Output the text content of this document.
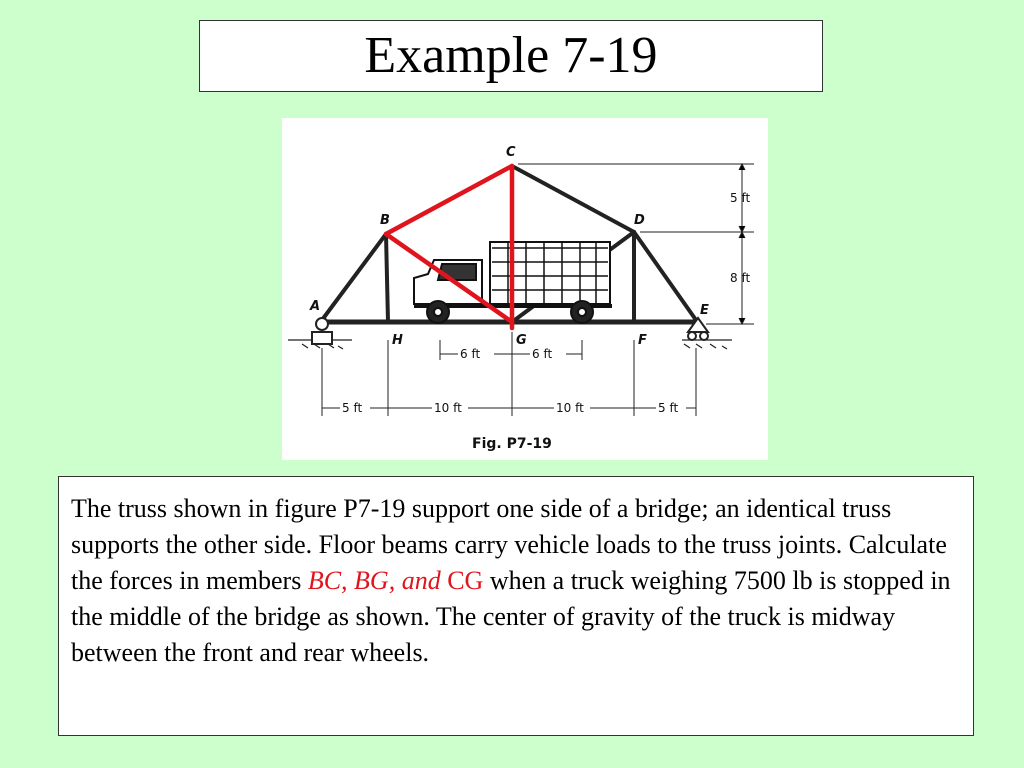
Example 7-19
C
B	D
A	E
H	G	F
5 ft
8 ft
6 ft	6 ft
5 ft	10 ft	10 ft	5 ft
Fig. P7-19
The truss shown in figure P7-19 support one side of a bridge; an identical truss supports the other side. Floor beams carry vehicle loads to the truss joints. Calculate the forces in members BC, BG, and CG when a truck weighing 7500 lb is stopped in the middle of the bridge as shown. The center of gravity of the truck is midway between the front and rear wheels.
